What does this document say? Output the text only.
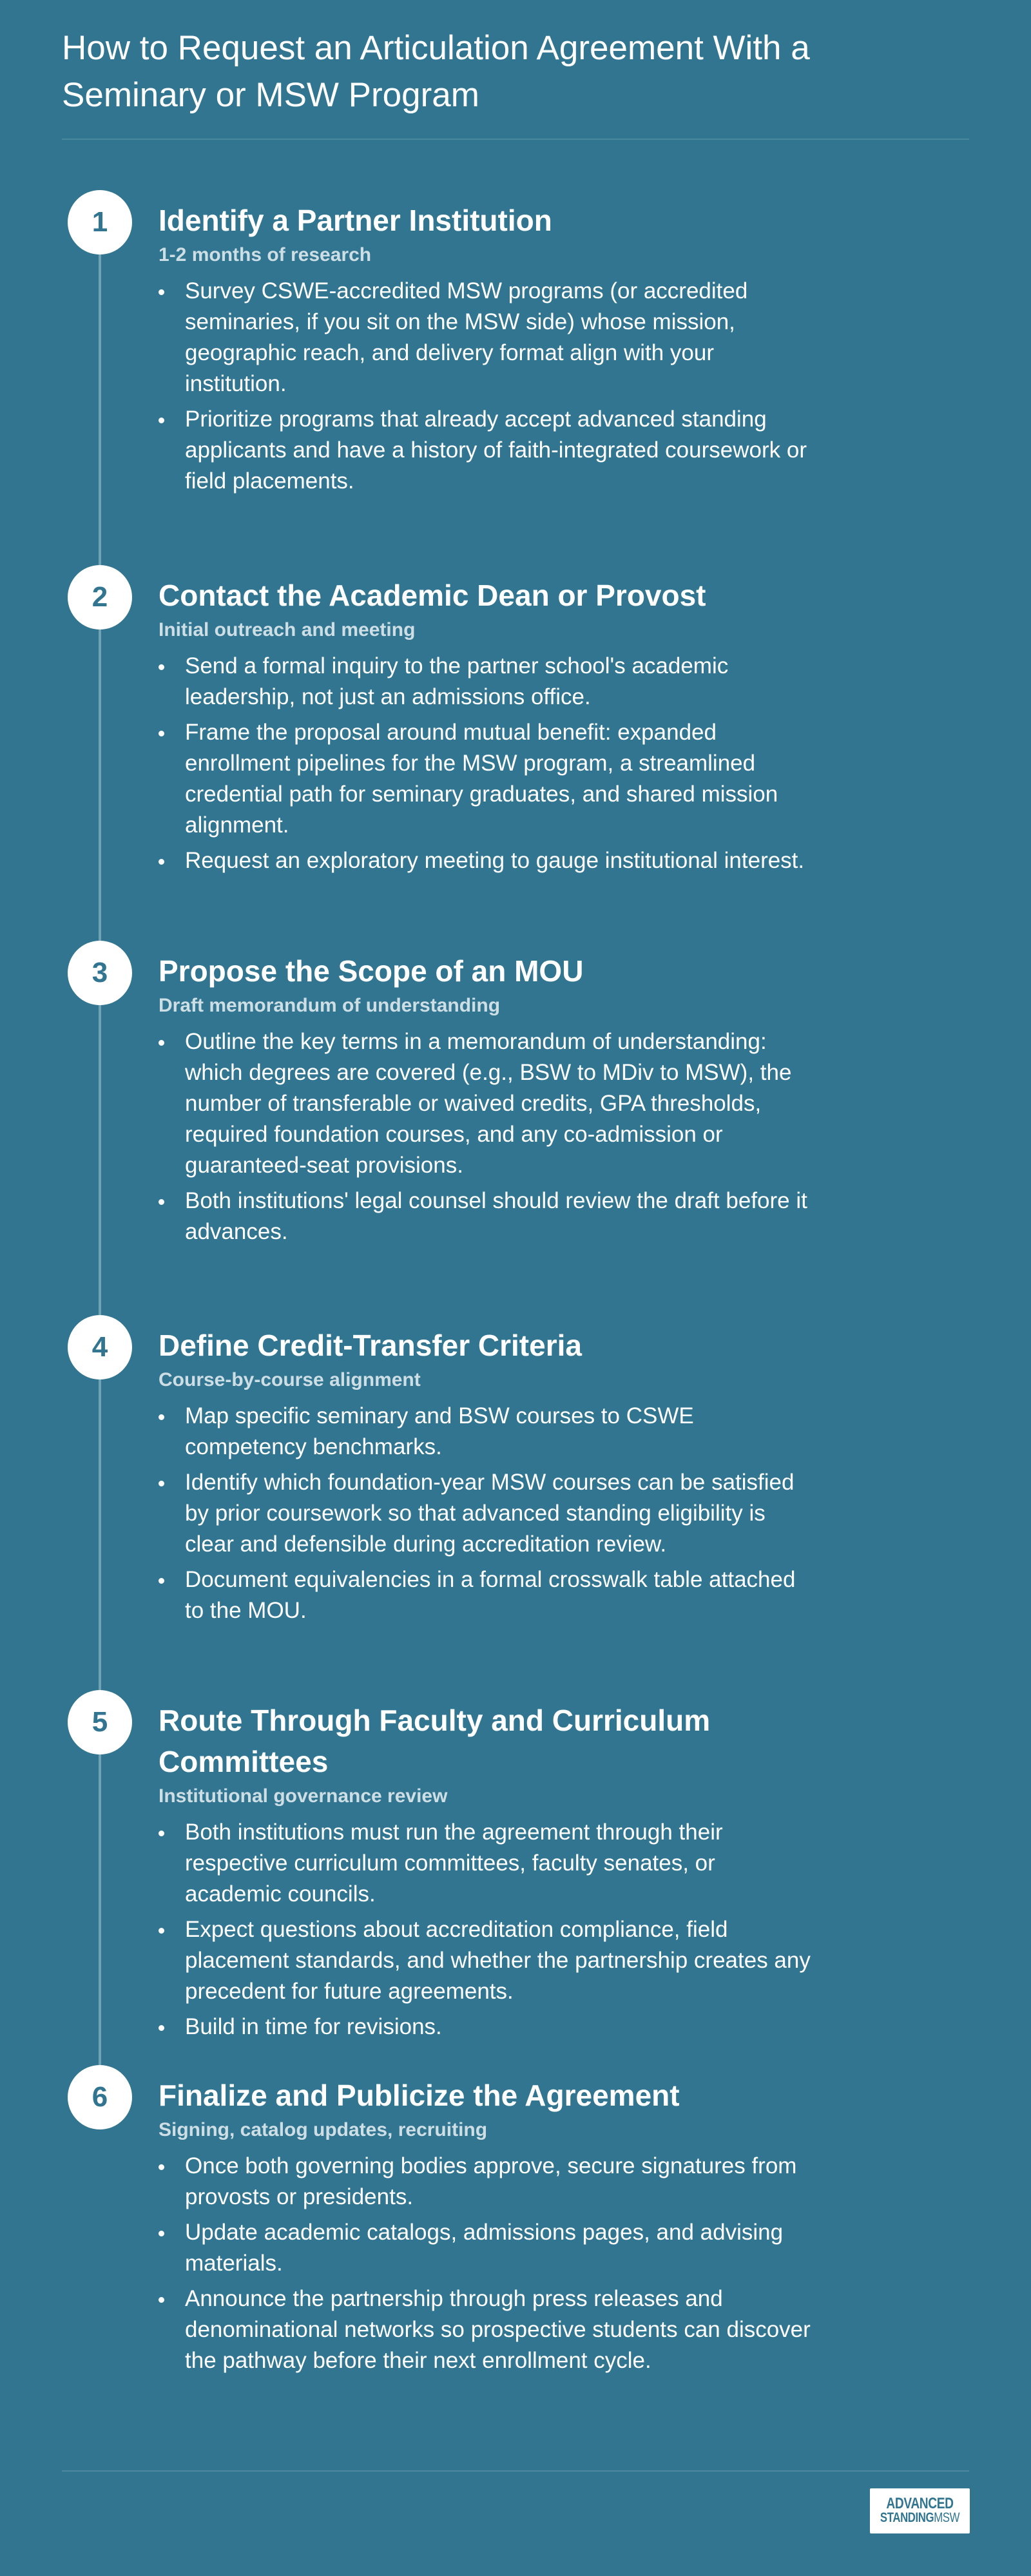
How to Request an Articulation Agreement With a Seminary or MSW Program
1	Identify a Partner Institution
1-2 months of research
Survey CSWE-accredited MSW programs (or accredited seminaries, if you sit on the MSW side) whose mission, geographic reach, and delivery format align with your institution.
Prioritize programs that already accept advanced standing applicants and have a history of faith-integrated coursework or field placements.
2	Contact the Academic Dean or Provost
Initial outreach and meeting
Send a formal inquiry to the partner school's academic leadership, not just an admissions office.
Frame the proposal around mutual benefit: expanded enrollment pipelines for the MSW program, a streamlined credential path for seminary graduates, and shared mission alignment.
Request an exploratory meeting to gauge institutional interest.
3	Propose the Scope of an MOU
Draft memorandum of understanding
Outline the key terms in a memorandum of understanding: which degrees are covered (e.g., BSW to MDiv to MSW), the number of transferable or waived credits, GPA thresholds, required foundation courses, and any co-admission or guaranteed-seat provisions.
Both institutions' legal counsel should review the draft before it advances.
4	Define Credit-Transfer Criteria
Course-by-course alignment
Map specific seminary and BSW courses to CSWE competency benchmarks.
Identify which foundation-year MSW courses can be satisfied by prior coursework so that advanced standing eligibility is clear and defensible during accreditation review.
Document equivalencies in a formal crosswalk table attached to the MOU.
5	Route Through Faculty and Curriculum Committees
Institutional governance review
Both institutions must run the agreement through their respective curriculum committees, faculty senates, or academic councils.
Expect questions about accreditation compliance, field placement standards, and whether the partnership creates any precedent for future agreements.
Build in time for revisions.
6	Finalize and Publicize the Agreement
Signing, catalog updates, recruiting
Once both governing bodies approve, secure signatures from provosts or presidents.
Update academic catalogs, admissions pages, and advising materials.
Announce the partnership through press releases and denominational networks so prospective students can discover the pathway before their next enrollment cycle.
ADVANCED
STANDINGMSW
